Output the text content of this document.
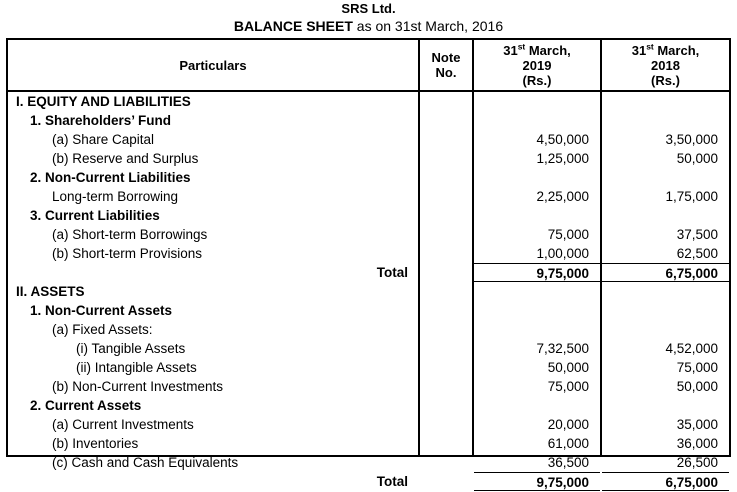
SRS Ltd.
BALANCE SHEET as on 31st March, 2016
Particulars	Note
No.
31st March,
2019
(Rs.)
31st March,
2018
(Rs.)
I. EQUITY AND LIABILITIES
1. Shareholders’ Fund
(a) Share Capital
(b) Reserve and Surplus
2. Non-Current Liabilities
Long-term Borrowing
3. Current Liabilities
(a) Short-term Borrowings
(b) Short-term Provisions
Total
II. ASSETS
1. Non-Current Assets
(a) Fixed Assets:
(i) Tangible Assets
(ii) Intangible Assets
(b) Non-Current Investments
2. Current Assets
(a) Current Investments
(b) Inventories
(c) Cash and Cash Equivalents
Total

4,50,000
1,25,000

2,25,000

75,000
1,00,000
9,75,000

7,32,500
50,000
75,000

20,000
61,000
36,500
9,75,000

3,50,000
50,000

1,75,000

37,500
62,500
6,75,000

4,52,000
75,000
50,000

35,000
36,000
26,500
6,75,000
